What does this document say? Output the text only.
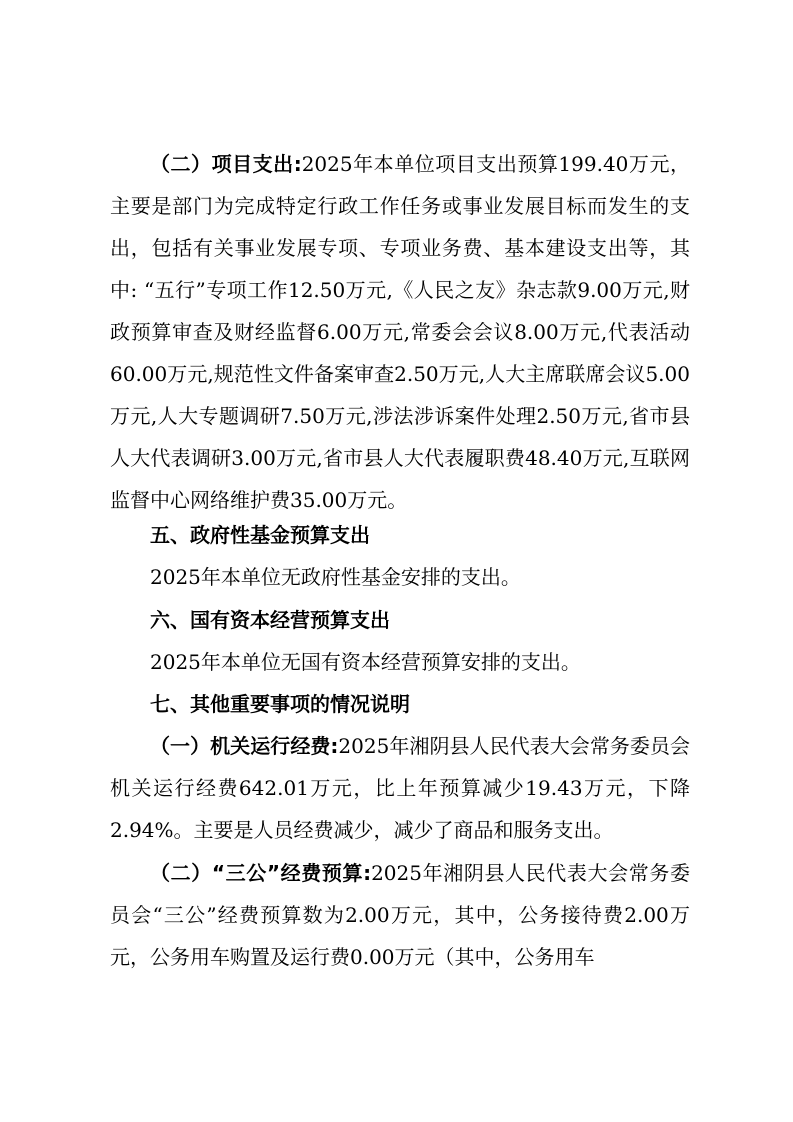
（二）项目支出:2025年本单位项目支出预算199.40万元，主要是部门为完成特定行政工作任务或事业发展目标而发生的支出，包括有关事业发展专项、专项业务费、基本建设支出等，其中: “五行”专项工作12.50万元,《人民之友》杂志款9.00万元,财政预算审查及财经监督6.00万元,常委会会议8.00万元,代表活动60.00万元,规范性文件备案审查2.50万元,人大主席联席会议5.00万元,人大专题调研7.50万元,涉法涉诉案件处理2.50万元,省市县人大代表调研3.00万元,省市县人大代表履职费48.40万元,互联网监督中心网络维护费35.00万元。

五、政府性基金预算支出

2025年本单位无政府性基金安排的支出。

六、国有资本经营预算支出

2025年本单位无国有资本经营预算安排的支出。

七、其他重要事项的情况说明

（一）机关运行经费:2025年湘阴县人民代表大会常务委员会机关运行经费642.01万元，比上年预算减少19.43万元，下降2.94%。主要是人员经费减少，减少了商品和服务支出。

（二）“三公”经费预算:2025年湘阴县人民代表大会常务委员会“三公”经费预算数为2.00万元，其中，公务接待费2.00万元，公务用车购置及运行费0.00万元（其中，公务用车
